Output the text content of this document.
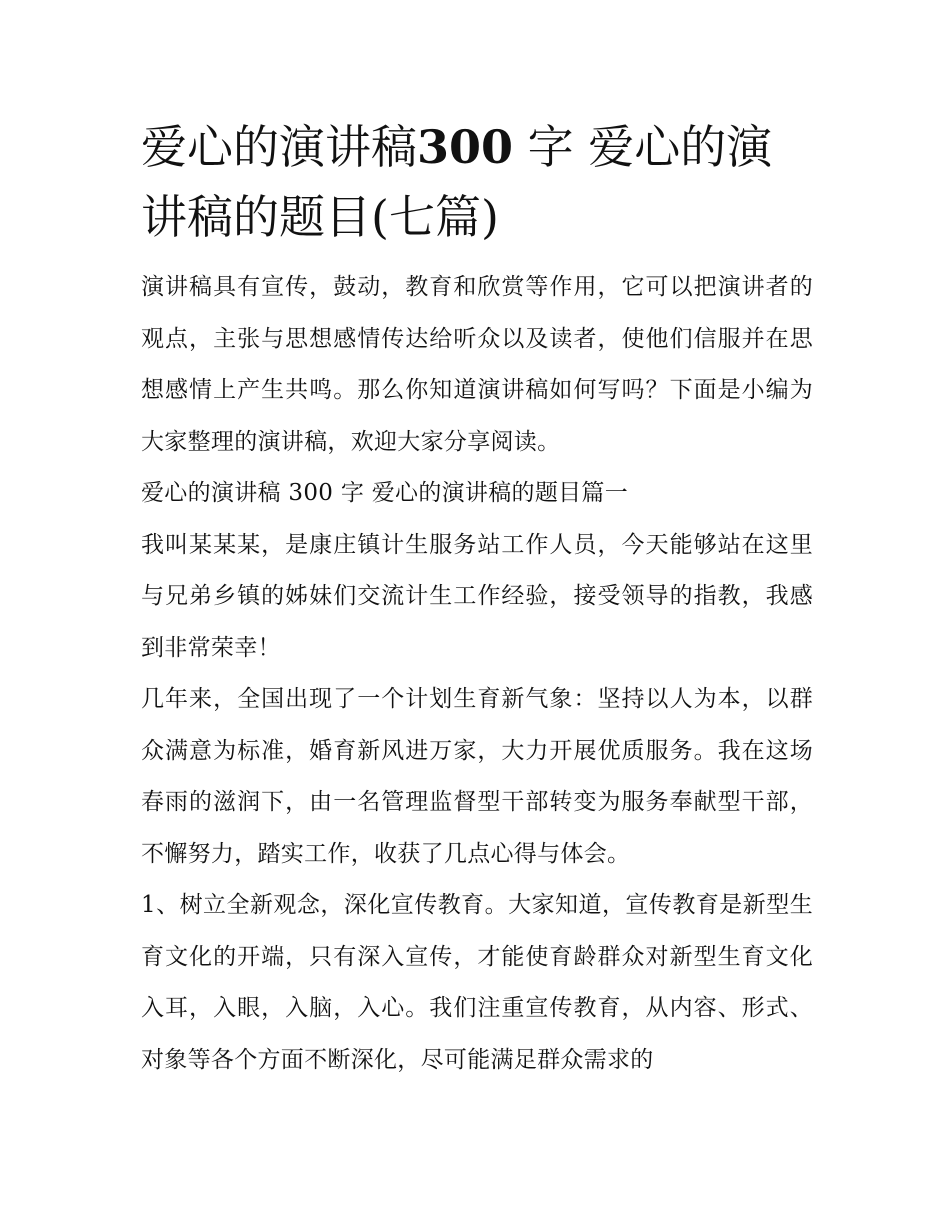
爱心的演讲稿300 字 爱心的演讲稿的题目(七篇)

演讲稿具有宣传，鼓动，教育和欣赏等作用，它可以把演讲者的观点，主张与思想感情传达给听众以及读者，使他们信服并在思想感情上产生共鸣。那么你知道演讲稿如何写吗？下面是小编为大家整理的演讲稿，欢迎大家分享阅读。

爱心的演讲稿 300 字 爱心的演讲稿的题目篇一

我叫某某某，是康庄镇计生服务站工作人员，今天能够站在这里与兄弟乡镇的姊妹们交流计生工作经验，接受领导的指教，我感到非常荣幸！

几年来，全国出现了一个计划生育新气象：坚持以人为本，以群众满意为标准，婚育新风进万家，大力开展优质服务。我在这场春雨的滋润下，由一名管理监督型干部转变为服务奉献型干部，不懈努力，踏实工作，收获了几点心得与体会。

1、树立全新观念，深化宣传教育。大家知道，宣传教育是新型生育文化的开端，只有深入宣传，才能使育龄群众对新型生育文化入耳，入眼，入脑，入心。我们注重宣传教育，从内容、形式、对象等各个方面不断深化，尽可能满足群众需求的
